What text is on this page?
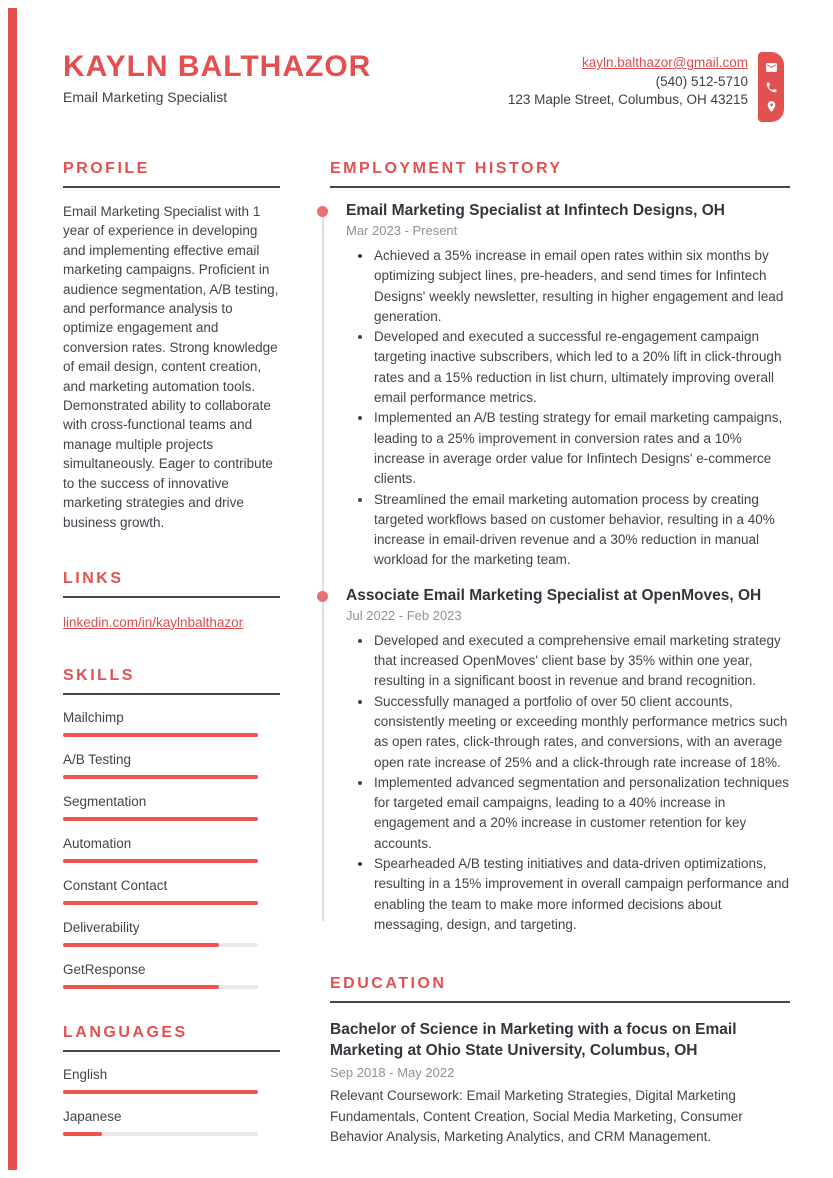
KAYLN BALTHAZOR
Email Marketing Specialist
kayln.balthazor@gmail.com
(540) 512-5710
123 Maple Street, Columbus, OH 43215
PROFILE
Email Marketing Specialist with 1 year of experience in developing and implementing effective email marketing campaigns. Proficient in audience segmentation, A/B testing, and performance analysis to optimize engagement and conversion rates. Strong knowledge of email design, content creation, and marketing automation tools. Demonstrated ability to collaborate with cross-functional teams and manage multiple projects simultaneously. Eager to contribute to the success of innovative marketing strategies and drive business growth.
LINKS
linkedin.com/in/kaylnbalthazor
SKILLS
Mailchimp
A/B Testing
Segmentation
Automation
Constant Contact
Deliverability
GetResponse
LANGUAGES
English
Japanese
EMPLOYMENT HISTORY
Email Marketing Specialist at Infintech Designs, OH
Mar 2023 - Present
• Achieved a 35% increase in email open rates within six months by optimizing subject lines, pre-headers, and send times for Infintech Designs' weekly newsletter, resulting in higher engagement and lead generation.
• Developed and executed a successful re-engagement campaign targeting inactive subscribers, which led to a 20% lift in click-through rates and a 15% reduction in list churn, ultimately improving overall email performance metrics.
• Implemented an A/B testing strategy for email marketing campaigns, leading to a 25% improvement in conversion rates and a 10% increase in average order value for Infintech Designs' e-commerce clients.
• Streamlined the email marketing automation process by creating targeted workflows based on customer behavior, resulting in a 40% increase in email-driven revenue and a 30% reduction in manual workload for the marketing team.
Associate Email Marketing Specialist at OpenMoves, OH
Jul 2022 - Feb 2023
• Developed and executed a comprehensive email marketing strategy that increased OpenMoves' client base by 35% within one year, resulting in a significant boost in revenue and brand recognition.
• Successfully managed a portfolio of over 50 client accounts, consistently meeting or exceeding monthly performance metrics such as open rates, click-through rates, and conversions, with an average open rate increase of 25% and a click-through rate increase of 18%.
• Implemented advanced segmentation and personalization techniques for targeted email campaigns, leading to a 40% increase in engagement and a 20% increase in customer retention for key accounts.
• Spearheaded A/B testing initiatives and data-driven optimizations, resulting in a 15% improvement in overall campaign performance and enabling the team to make more informed decisions about messaging, design, and targeting.
EDUCATION
Bachelor of Science in Marketing with a focus on Email Marketing at Ohio State University, Columbus, OH
Sep 2018 - May 2022
Relevant Coursework: Email Marketing Strategies, Digital Marketing Fundamentals, Content Creation, Social Media Marketing, Consumer Behavior Analysis, Marketing Analytics, and CRM Management.
